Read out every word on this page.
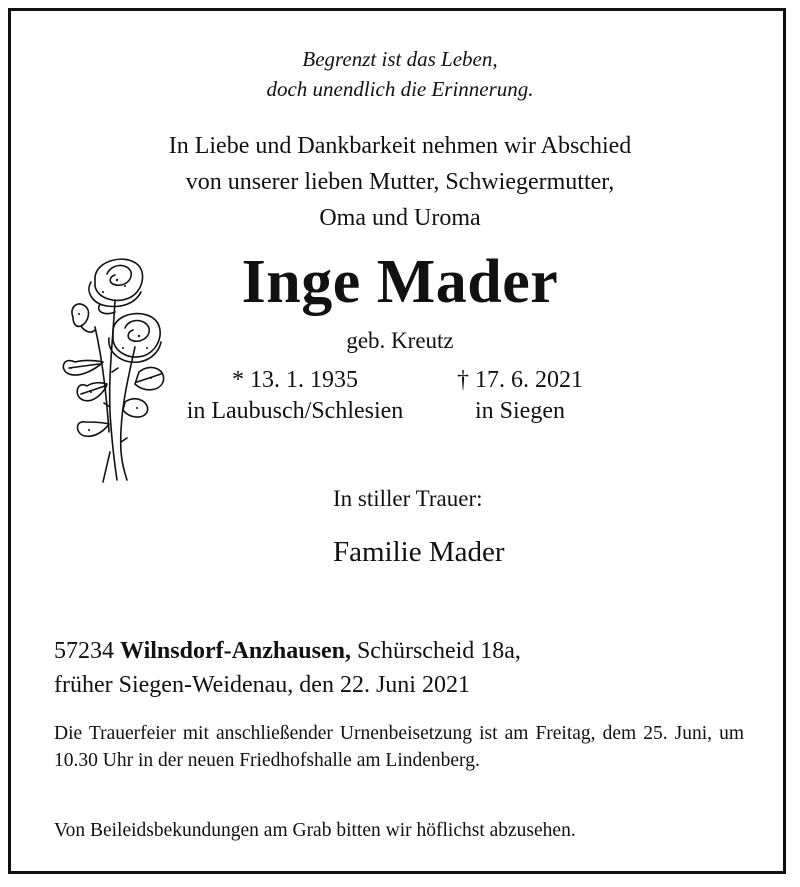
Begrenzt ist das Leben,
doch unendlich die Erinnerung.
In Liebe und Dankbarkeit nehmen wir Abschied
von unserer lieben Mutter, Schwiegermutter,
Oma und Uroma
Inge Mader
geb. Kreutz
* 13. 1. 1935
in Laubusch/Schlesien
† 17. 6. 2021
in Siegen
In stiller Trauer:
Familie Mader
57234 Wilnsdorf-Anzhausen, Schürscheid 18a,
früher Siegen-Weidenau, den 22. Juni 2021
Die Trauerfeier mit anschließender Urnenbeisetzung ist am Freitag, dem 25. Juni, um 10.30 Uhr in der neuen Friedhofshalle am Lindenberg.
Von Beileidsbekundungen am Grab bitten wir höflichst abzusehen.
